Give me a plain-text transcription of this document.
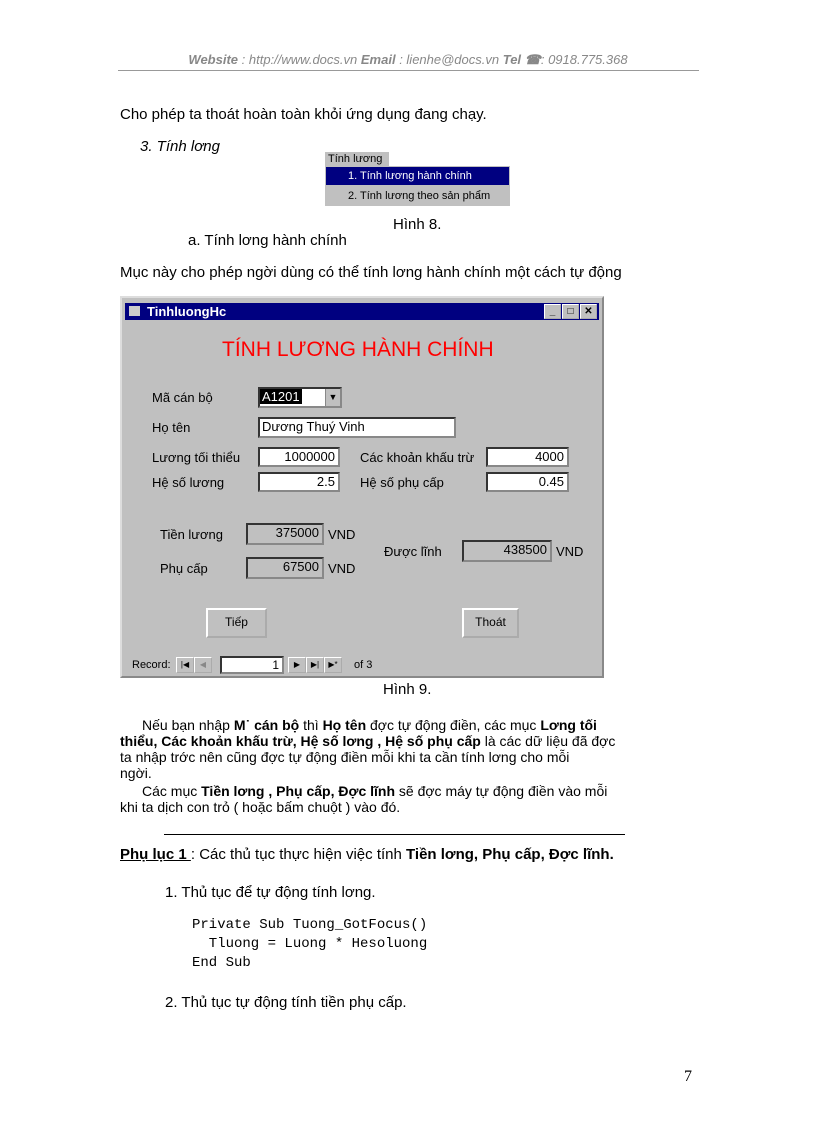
Website : http://www.docs.vn Email : lienhe@docs.vn Tel ☎: 0918.775.368
Cho phép ta thoát hoàn toàn khỏi ứng dụng đang chạy.
3. Tính lơng
Tính lương
1. Tính lương hành chính
2. Tính lương theo sản phẩm
Hình 8.
a. Tính lơng hành chính
Mục này cho phép ngời dùng có thể tính lơng hành chính một cách tự động
TinhluongHc	_	□	✕
TÍNH LƯƠNG HÀNH CHÍNH
Mã cán bộ	A1201	▼
Họ tên	Dương Thuý Vinh
Lương tối thiểu	1000000	Các khoản khấu trừ	4000
Hệ số lương	2.5	Hệ số phụ cấp	0.45
Tiền lương	375000 VND
Phụ cấp	67500 VND
Được lĩnh	438500 VND
Tiếp	Thoát
Record:	|◀	◀	1	▶	▶|	▶*	of 3
Hình 9.
Nếu bạn nhập M˙ cán bộ thì Họ tên đợc tự động điền, các mục Lơng tối
thiểu, Các khoản khấu trừ, Hệ số lơng , Hệ số phụ cấp là các dữ liệu đã đợc
ta nhập trớc nên cũng đợc tự động điền mỗi khi ta cần tính lơng cho mỗi
ngời.
Các mục Tiền lơng , Phụ cấp, Đợc lĩnh sẽ đợc máy tự động điền vào mỗi
khi ta dịch con trỏ ( hoặc bấm chuột ) vào đó.
Phụ lục 1 : Các thủ tục thực hiện việc tính Tiền lơng, Phụ cấp, Đợc lĩnh.
1. Thủ tục để tự động tính lơng.
Private Sub Tuong_GotFocus()
Tluong = Luong * Hesoluong
End Sub
2. Thủ tục tự động tính tiền phụ cấp.
7
